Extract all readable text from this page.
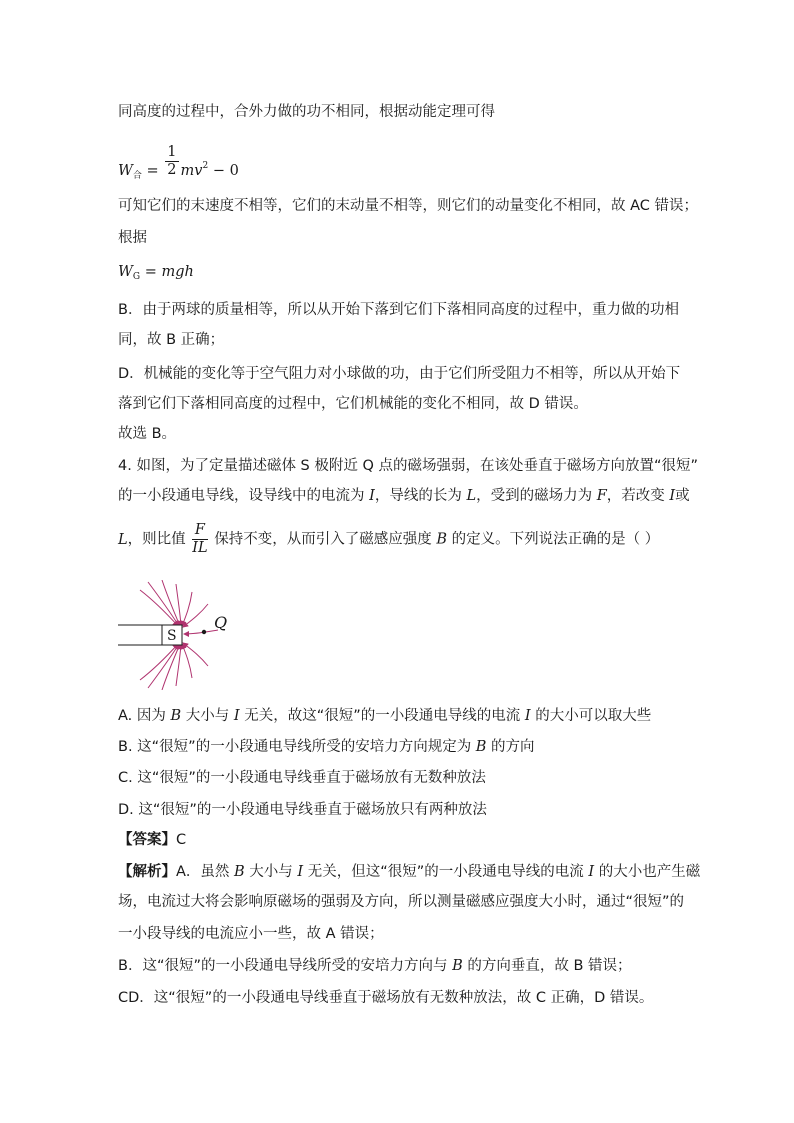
同高度的过程中，合外力做的功不相同，根据动能定理可得
$W_合 = \frac{1}{2} mv^2 - 0$
可知它们的末速度不相等，它们的末动量不相等，则它们的动量变化不相同，故 AC 错误；
根据
$W_G$ = mgh
B．由于两球的质量相等，所以从开始下落到它们下落相同高度的过程中，重力做的功相
同，故 B 正确；
D．机械能的变化等于空气阻力对小球做的功，由于它们所受阻力不相等，所以从开始下
落到它们下落相同高度的过程中，它们机械能的变化不相同，故 D 错误。
故选 B。
4. 如图，为了定量描述磁体 S 极附近 Q 点的磁场强弱，在该处垂直于磁场方向放置“很短”
的一小段通电导线，设导线中的电流为 I，导线的长为 L，受到的磁场力为 F，若改变 I或
L，则比值 $\frac{F}{IL}$ 保持不变，从而引入了磁感应强度 B 的定义。下列说法正确的是（ ）
S
Q
A. 因为 B 大小与 I 无关，故这“很短”的一小段通电导线的电流 I 的大小可以取大些
B. 这“很短”的一小段通电导线所受的安培力方向规定为 B 的方向
C. 这“很短”的一小段通电导线垂直于磁场放有无数种放法
D. 这“很短”的一小段通电导线垂直于磁场放只有两种放法
【答案】C
【解析】A．虽然 B 大小与 I 无关，但这“很短”的一小段通电导线的电流 I 的大小也产生磁
场，电流过大将会影响原磁场的强弱及方向，所以测量磁感应强度大小时，通过“很短”的
一小段导线的电流应小一些，故 A 错误；
B．这“很短”的一小段通电导线所受的安培力方向与 B 的方向垂直，故 B 错误；
CD．这“很短”的一小段通电导线垂直于磁场放有无数种放法，故 C 正确，D 错误。
